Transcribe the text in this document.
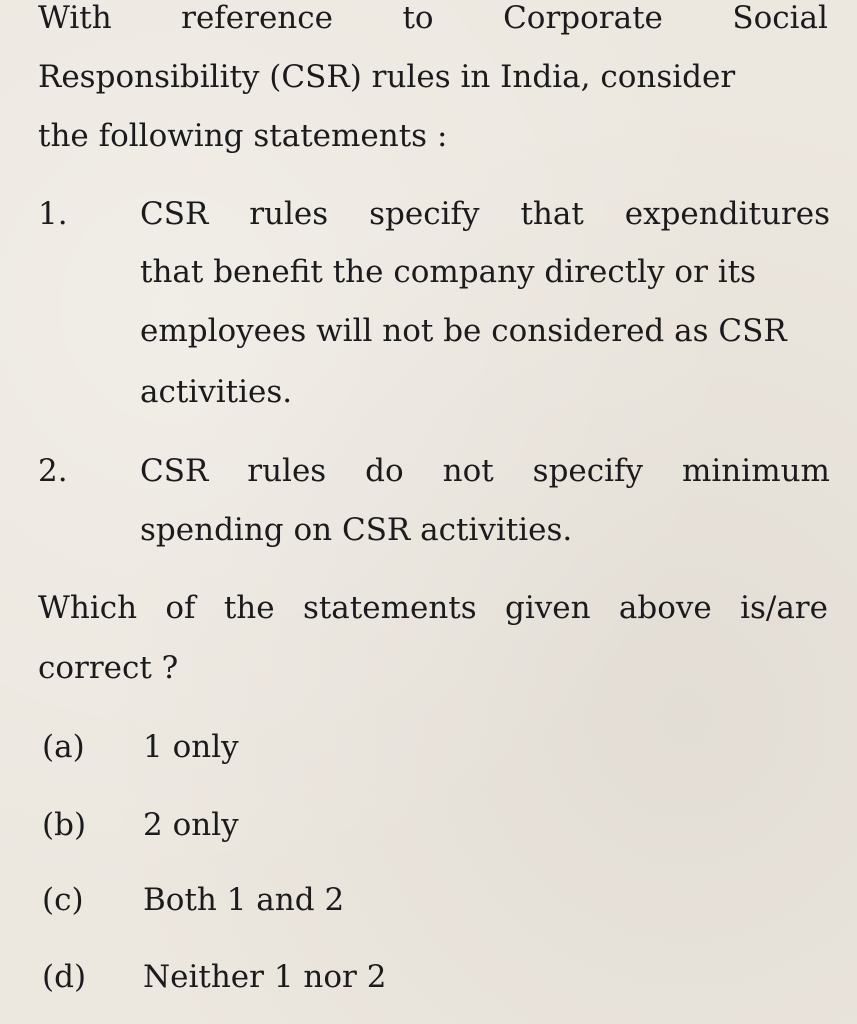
With reference to Corporate Social
Responsibility (CSR) rules in India, consider
the following statements :
1. CSR rules specify that expenditures
that benefit the company directly or its
employees will not be considered as CSR
activities.
2. CSR rules do not specify minimum
spending on CSR activities.
Which of the statements given above is/are
correct ?
(a) 1 only
(b) 2 only
(c) Both 1 and 2
(d) Neither 1 nor 2
